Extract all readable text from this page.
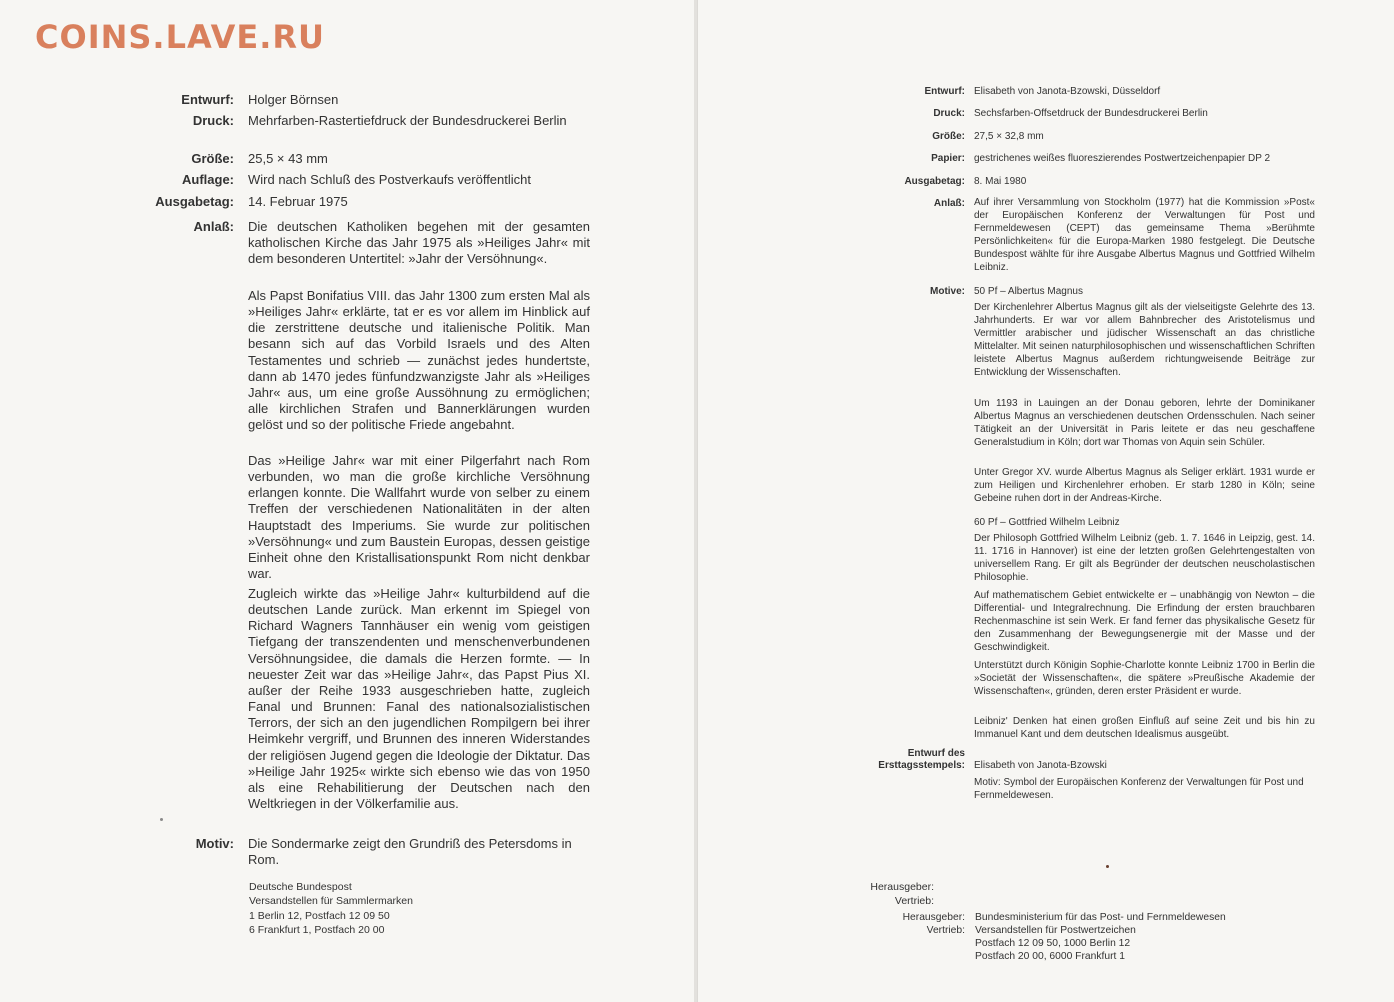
COINS.LAVE.RU
Entwurf: Holger Börnsen
Druck: Mehrfarben-Rastertiefdruck der Bundesdruckerei Berlin
Größe: 25,5 × 43 mm
Auflage: Wird nach Schluß des Postverkaufs veröffentlicht
Ausgabetag: 14. Februar 1975
Anlaß: Die deutschen Katholiken begehen mit der gesamten katholischen Kirche das Jahr 1975 als »Heiliges Jahr« mit dem besonderen Untertitel: »Jahr der Versöhnung«.
Als Papst Bonifatius VIII. das Jahr 1300 zum ersten Mal als »Heiliges Jahr« erklärte, tat er es vor allem im Hinblick auf die zerstrittene deutsche und italienische Politik. Man besann sich auf das Vorbild Israels und des Alten Testamentes und schrieb — zunächst jedes hundertste, dann ab 1470 jedes fünfundzwanzigste Jahr als »Heiliges Jahr« aus, um eine große Aussöhnung zu ermöglichen; alle kirchlichen Strafen und Bannerklärungen wurden gelöst und so der politische Friede angebahnt.
Das »Heilige Jahr« war mit einer Pilgerfahrt nach Rom verbunden, wo man die große kirchliche Versöhnung erlangen konnte. Die Wallfahrt wurde von selber zu einem Treffen der verschiedenen Nationalitäten in der alten Hauptstadt des Imperiums. Sie wurde zur politischen »Versöhnung« und zum Baustein Europas, dessen geistige Einheit ohne den Kristallisationspunkt Rom nicht denkbar war.
Zugleich wirkte das »Heilige Jahr« kulturbildend auf die deutschen Lande zurück. Man erkennt im Spiegel von Richard Wagners Tannhäuser ein wenig vom geistigen Tiefgang der transzendenten und menschenverbundenen Versöhnungsidee, die damals die Herzen formte. — In neuester Zeit war das »Heilige Jahr«, das Papst Pius XI. außer der Reihe 1933 ausgeschrieben hatte, zugleich Fanal und Brunnen: Fanal des nationalsozialistischen Terrors, der sich an den jugendlichen Rompilgern bei ihrer Heimkehr vergriff, und Brunnen des inneren Widerstandes der religiösen Jugend gegen die Ideologie der Diktatur. Das »Heilige Jahr 1925« wirkte sich ebenso wie das von 1950 als eine Rehabilitierung der Deutschen nach den Weltkriegen in der Völkerfamilie aus.
Motiv: Die Sondermarke zeigt den Grundriß des Petersdoms in Rom.
Herausgeber:
Deutsche Bundespost
Vertrieb:
Versandstellen für Sammlermarken
1 Berlin 12, Postfach 12 09 50
6 Frankfurt 1, Postfach 20 00
Entwurf: Elisabeth von Janota-Bzowski, Düsseldorf
Druck: Sechsfarben-Offsetdruck der Bundesdruckerei Berlin
Größe: 27,5 × 32,8 mm
Papier: gestrichenes weißes fluoreszierendes Postwertzeichenpapier DP 2
Ausgabetag: 8. Mai 1980
Anlaß: Auf ihrer Versammlung von Stockholm (1977) hat die Kommission »Post« der Europäischen Konferenz der Verwaltungen für Post und Fernmeldewesen (CEPT) das gemeinsame Thema »Berühmte Persönlichkeiten« für die Europa-Marken 1980 festgelegt. Die Deutsche Bundespost wählte für ihre Ausgabe Albertus Magnus und Gottfried Wilhelm Leibniz.
Motive: 50 Pf – Albertus Magnus
Der Kirchenlehrer Albertus Magnus gilt als der vielseitigste Gelehrte des 13. Jahrhunderts. Er war vor allem Bahnbrecher des Aristotelismus und Vermittler arabischer und jüdischer Wissenschaft an das christliche Mittelalter. Mit seinen naturphilosophischen und wissenschaftlichen Schriften leistete Albertus Magnus außerdem richtungweisende Beiträge zur Entwicklung der Wissenschaften.
Um 1193 in Lauingen an der Donau geboren, lehrte der Dominikaner Albertus Magnus an verschiedenen deutschen Ordensschulen. Nach seiner Tätigkeit an der Universität in Paris leitete er das neu geschaffene Generalstudium in Köln; dort war Thomas von Aquin sein Schüler.
Unter Gregor XV. wurde Albertus Magnus als Seliger erklärt. 1931 wurde er zum Heiligen und Kirchenlehrer erhoben. Er starb 1280 in Köln; seine Gebeine ruhen dort in der Andreas-Kirche.
60 Pf – Gottfried Wilhelm Leibniz
Der Philosoph Gottfried Wilhelm Leibniz (geb. 1. 7. 1646 in Leipzig, gest. 14. 11. 1716 in Hannover) ist eine der letzten großen Gelehrtengestalten von universellem Rang. Er gilt als Begründer der deutschen neuscholastischen Philosophie.
Auf mathematischem Gebiet entwickelte er – unabhängig von Newton – die Differential- und Integralrechnung. Die Erfindung der ersten brauchbaren Rechenmaschine ist sein Werk. Er fand ferner das physikalische Gesetz für den Zusammenhang der Bewegungsenergie mit der Masse und der Geschwindigkeit.
Unterstützt durch Königin Sophie-Charlotte konnte Leibniz 1700 in Berlin die »Societät der Wissenschaften«, die spätere »Preußische Akademie der Wissenschaften«, gründen, deren erster Präsident er wurde.
Leibniz' Denken hat einen großen Einfluß auf seine Zeit und bis hin zu Immanuel Kant und dem deutschen Idealismus ausgeübt.
Entwurf des
Ersttagsstempels: Elisabeth von Janota-Bzowski
Motiv: Symbol der Europäischen Konferenz der Verwaltungen für Post und Fernmeldewesen.
Herausgeber: Bundesministerium für das Post- und Fernmeldewesen
Vertrieb: Versandstellen für Postwertzeichen
Postfach 12 09 50, 1000 Berlin 12
Postfach 20 00, 6000 Frankfurt 1
